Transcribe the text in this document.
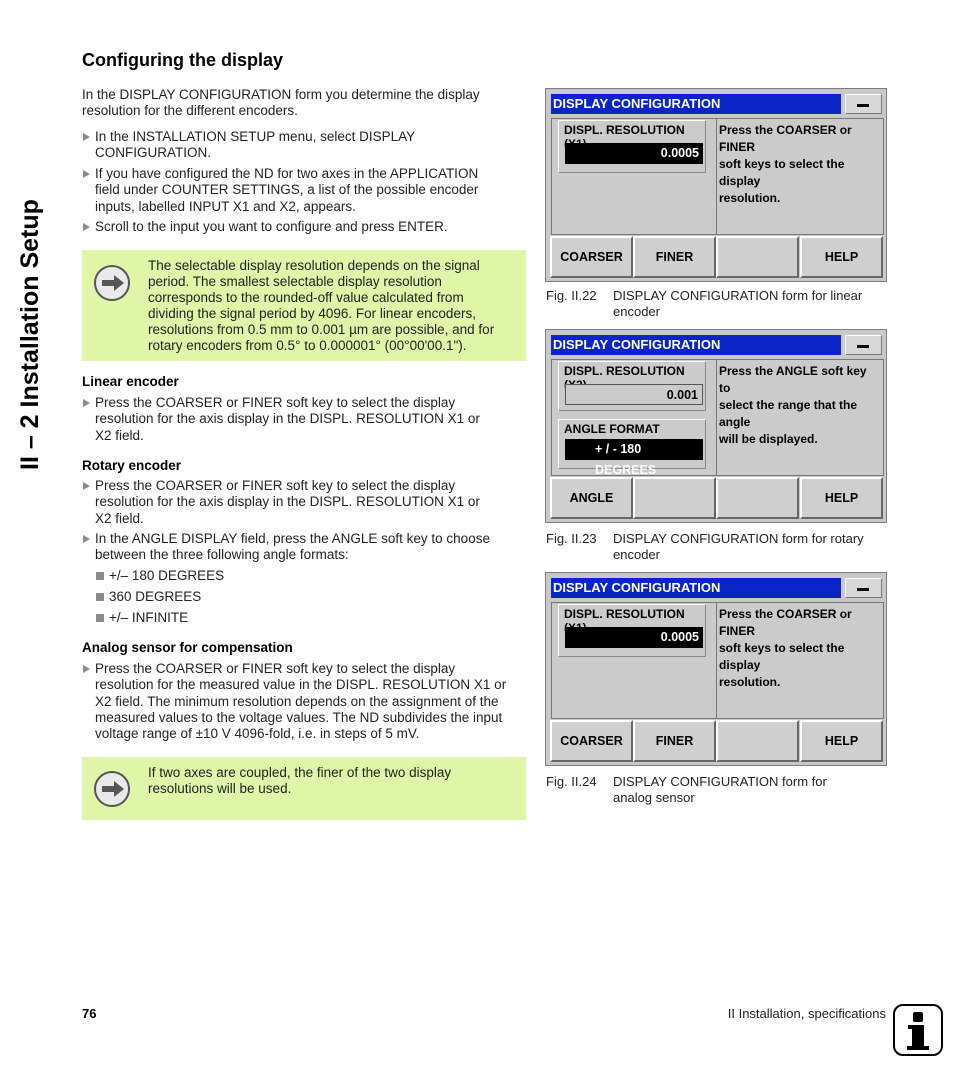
II – 2 Installation Setup
Configuring the display
In the DISPLAY CONFIGURATION form you determine the display
resolution for the different encoders.
In the INSTALLATION SETUP menu, select DISPLAY
CONFIGURATION.
If you have configured the ND for two axes in the APPLICATION
field under COUNTER SETTINGS, a list of the possible encoder
inputs, labelled INPUT X1 and X2, appears.
Scroll to the input you want to configure and press ENTER.
The selectable display resolution depends on the signal
period. The smallest selectable display resolution
corresponds to the rounded-off value calculated from
dividing the signal period by 4096. For linear encoders,
resolutions from 0.5 mm to 0.001 µm are possible, and for
rotary encoders from 0.5° to 0.000001° (00°00'00.1").
Linear encoder
Press the COARSER or FINER soft key to select the display
resolution for the axis display in the DISPL. RESOLUTION X1 or
X2 field.
Rotary encoder
Press the COARSER or FINER soft key to select the display
resolution for the axis display in the DISPL. RESOLUTION X1 or
X2 field.
In the ANGLE DISPLAY field, press the ANGLE soft key to choose
between the three following angle formats:
+/– 180 DEGREES
360 DEGREES
+/– INFINITE
Analog sensor for compensation
Press the COARSER or FINER soft key to select the display
resolution for the measured value in the DISPL. RESOLUTION X1 or
X2 field. The minimum resolution depends on the assignment of the
measured values to the voltage values. The ND subdivides the input
voltage range of ±10 V 4096-fold, i.e. in steps of 5 mV.
If two axes are coupled, the finer of the two display
resolutions will be used.
DISPLAY CONFIGURATION
DISPL. RESOLUTION
0.0005
Press the COARSER or FINER
soft keys to select the display
resolution.
COARSER	FINER	HELP
Fig. II.22 DISPLAY CONFIGURATION form for linear
encoder
DISPLAY CONFIGURATION
DISPL. RESOLUTION
0.001
ANGLE FORMAT
+ / - 180 DEGREES
Press the ANGLE soft key to
select the range that the angle
will be displayed.
ANGLE	HELP
Fig. II.23 DISPLAY CONFIGURATION form for rotary
encoder
DISPLAY CONFIGURATION
DISPL. RESOLUTION
0.0005
Press the COARSER or FINER
soft keys to select the display
resolution.
COARSER	FINER	HELP
Fig. II.24 DISPLAY CONFIGURATION form for
analog sensor
76	II Installation, specifications
